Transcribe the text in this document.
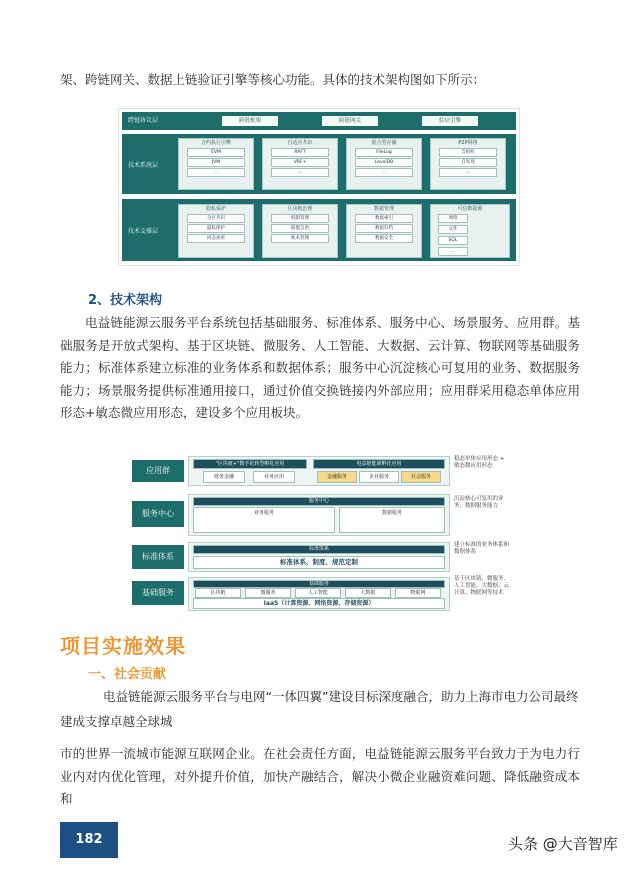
架、跨链网关、数据上链验证引擎等核心功能。具体的技术架构图如下所示：
跨链协议层	跨链框架	跨链网关	验证引擎
技术系统层
合约执行引擎
EVM
JVM
...
自适应共识
RAFT
VRF+
...
混合型存储
FileLog
LevelDB
...
P2P网络
自组织
自发现
...
技术支撑层
隐私保护
分区共识
隐私保护
同态加密
区块链治理
权限管理
联盟自治
账本管理
数据管理
数据索引
数据归档
数据安全
可信数据源
网络
文件
SQL
...
2、技术架构
电益链能源云服务平台系统包括基础服务、标准体系、服务中心、场景服务、应用群。基础服务是开放式架构、基于区块链、微服务、人工智能、大数据、云计算、物联网等基础服务能力；标准体系建立标准的业务体系和数据体系；服务中心沉淀核心可复用的业务、数据服务能力；场景服务提供标准通用接口，通过价值交换链接内外部应用；应用群采用稳态单体应用形态+敏态微应用形态，建设多个应用板块。
应用群
"区块链+"数字化转型孵化应用
财务金融	业务应用
电益链能源孵化应用
金融服务	企业服务	社会服务
稳态单体应用形态 + 敏态微应用形态
服务中心
服务中心
业务服务	数据服务
沉淀核心可复用的业务、数据服务能力
标准体系
标准体系
标准体系、制度、规范定制
建立标准的业务体系和数据体系
基础服务
基础服务
区块链	微服务	人工智能	大数据	物联网
IaaS（计算资源、网络资源、存储资源）
基于区块链、微服务、人工智能、大数据、云计算、物联网等技术
项目实施效果
一、社会贡献
电益链能源云服务平台与电网“一体四翼”建设目标深度融合，助力上海市电力公司最终
建成支撑卓越全球城
市的世界一流城市能源互联网企业。在社会责任方面，电益链能源云服务平台致力于为电力行业内对内优化管理，对外提升价值，加快产融结合，解决小微企业融资难问题、降低融资成本和
182	头条 @大音智库
